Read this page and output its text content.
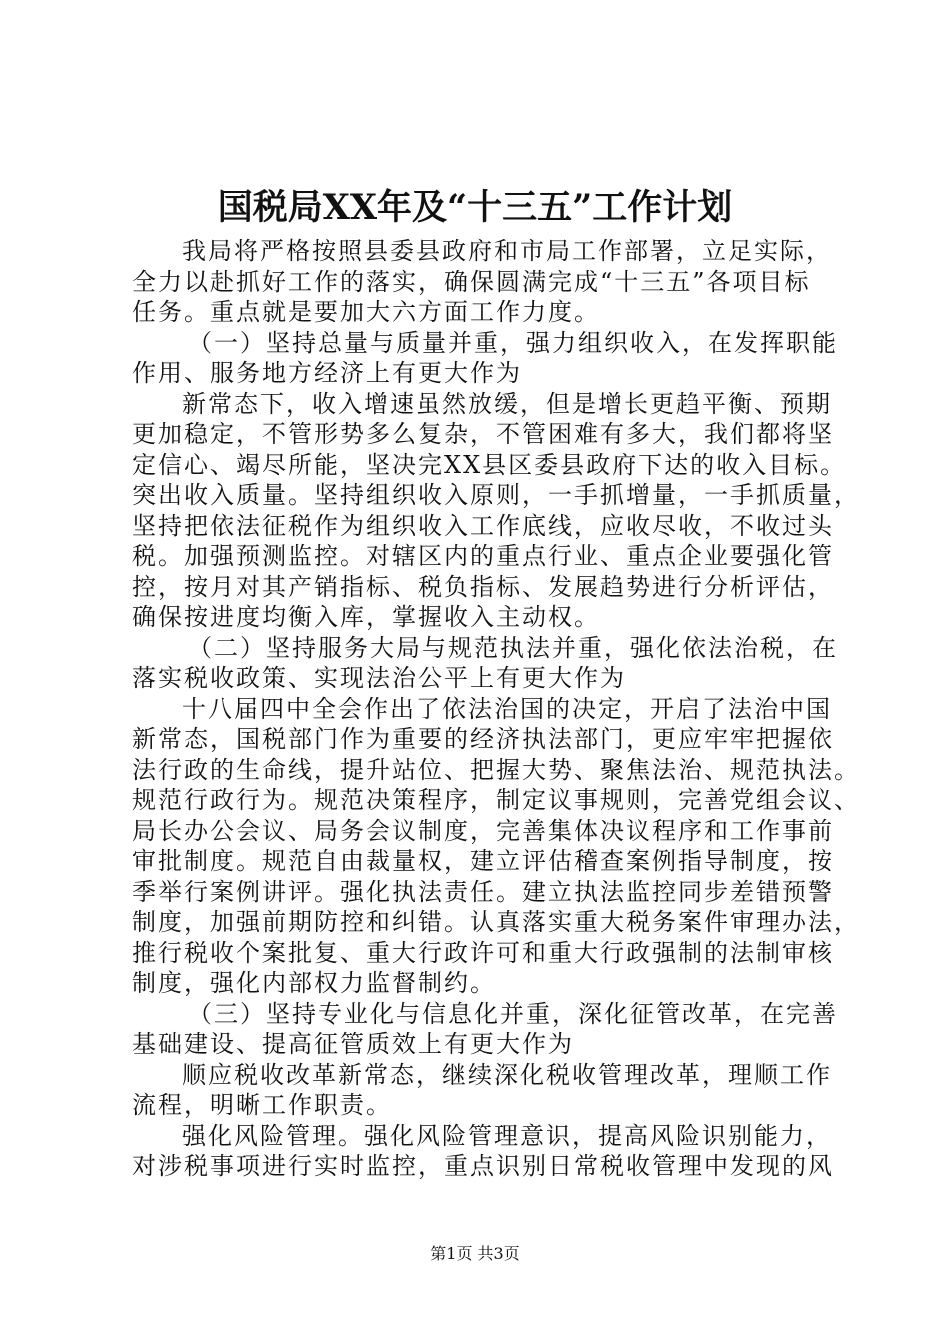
国税局XX年及“十三五”工作计划
我局将严格按照县委县政府和市局工作部署，立足实际，
全力以赴抓好工作的落实，确保圆满完成“十三五”各项目标
任务。重点就是要加大六方面工作力度。
（一）坚持总量与质量并重，强力组织收入，在发挥职能
作用、服务地方经济上有更大作为
新常态下，收入增速虽然放缓，但是增长更趋平衡、预期
更加稳定，不管形势多么复杂，不管困难有多大，我们都将坚
定信心、竭尽所能，坚决完XX县区委县政府下达的收入目标。
突出收入质量。坚持组织收入原则，一手抓增量，一手抓质量，
坚持把依法征税作为组织收入工作底线，应收尽收，不收过头
税。加强预测监控。对辖区内的重点行业、重点企业要强化管
控，按月对其产销指标、税负指标、发展趋势进行分析评估，
确保按进度均衡入库，掌握收入主动权。
（二）坚持服务大局与规范执法并重，强化依法治税，在
落实税收政策、实现法治公平上有更大作为
十八届四中全会作出了依法治国的决定，开启了法治中国
新常态，国税部门作为重要的经济执法部门，更应牢牢把握依
法行政的生命线，提升站位、把握大势、聚焦法治、规范执法。
规范行政行为。规范决策程序，制定议事规则，完善党组会议、
局长办公会议、局务会议制度，完善集体决议程序和工作事前
审批制度。规范自由裁量权，建立评估稽查案例指导制度，按
季举行案例讲评。强化执法责任。建立执法监控同步差错预警
制度，加强前期防控和纠错。认真落实重大税务案件审理办法，
推行税收个案批复、重大行政许可和重大行政强制的法制审核
制度，强化内部权力监督制约。
（三）坚持专业化与信息化并重，深化征管改革，在完善
基础建设、提高征管质效上有更大作为
顺应税收改革新常态，继续深化税收管理改革，理顺工作
流程，明晰工作职责。
强化风险管理。强化风险管理意识，提高风险识别能力，
对涉税事项进行实时监控，重点识别日常税收管理中发现的风
第1页 共3页
